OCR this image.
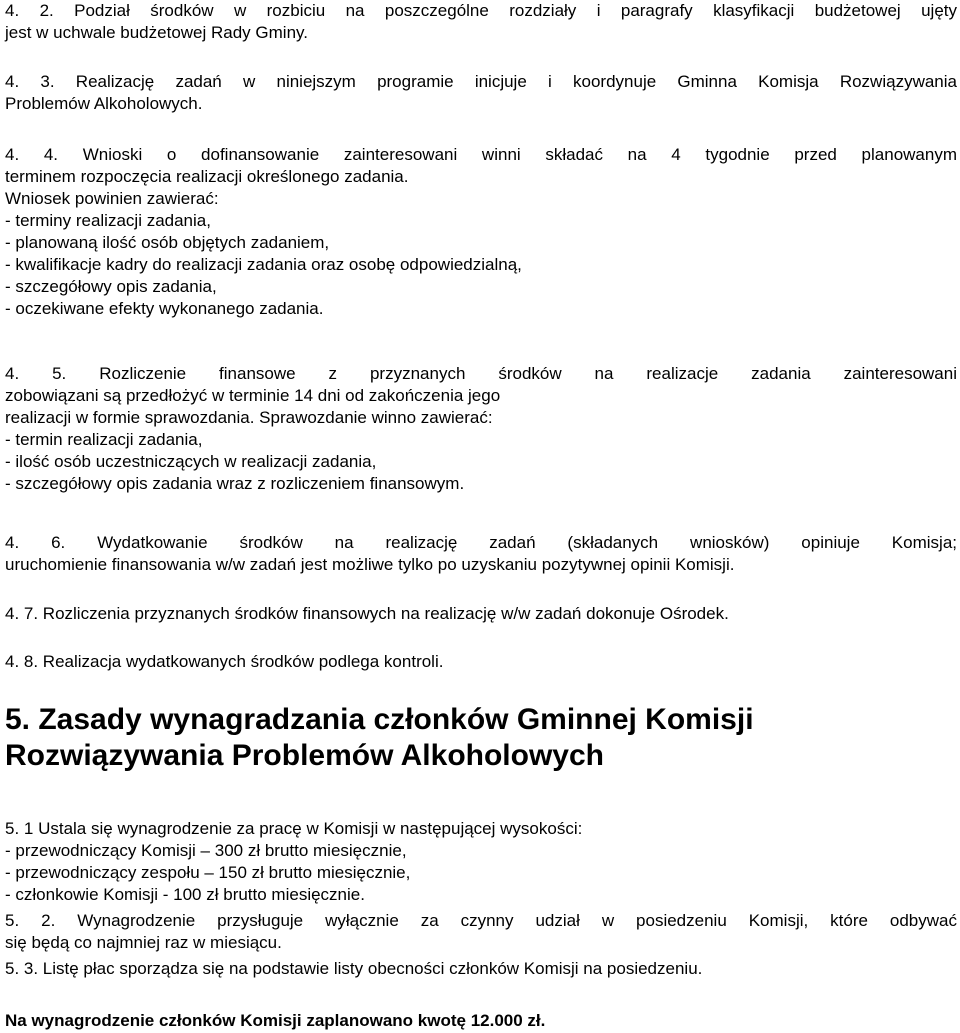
4. 2. Podział środków w rozbiciu na poszczególne rozdziały i paragrafy klasyfikacji budżetowej ujęty
jest w uchwale budżetowej Rady Gminy.
4. 3. Realizację zadań w niniejszym programie inicjuje i koordynuje Gminna Komisja Rozwiązywania
Problemów Alkoholowych.
4. 4. Wnioski o dofinansowanie zainteresowani winni składać na 4 tygodnie przed planowanym
terminem rozpoczęcia realizacji określonego zadania.
Wniosek powinien zawierać:
- terminy realizacji zadania,
- planowaną ilość osób objętych zadaniem,
- kwalifikacje kadry do realizacji zadania oraz osobę odpowiedzialną,
- szczegółowy opis zadania,
- oczekiwane efekty wykonanego zadania.
4. 5. Rozliczenie finansowe z przyznanych środków na realizacje zadania zainteresowani
zobowiązani są przedłożyć w terminie 14 dni od zakończenia jego
realizacji w formie sprawozdania. Sprawozdanie winno zawierać:
- termin realizacji zadania,
- ilość osób uczestniczących w realizacji zadania,
- szczegółowy opis zadania wraz z rozliczeniem finansowym.
4. 6. Wydatkowanie środków na realizację zadań (składanych wniosków) opiniuje Komisja;
uruchomienie finansowania w/w zadań jest możliwe tylko po uzyskaniu pozytywnej opinii Komisji.
4. 7. Rozliczenia przyznanych środków finansowych na realizację w/w zadań dokonuje Ośrodek.
4. 8. Realizacja wydatkowanych środków podlega kontroli.
5. Zasady wynagradzania członków Gminnej Komisji
Rozwiązywania Problemów Alkoholowych
5. 1 Ustala się wynagrodzenie za pracę w Komisji w następującej wysokości:
- przewodniczący Komisji – 300 zł brutto miesięcznie,
- przewodniczący zespołu – 150 zł brutto miesięcznie,
- członkowie Komisji - 100 zł brutto miesięcznie.
5. 2. Wynagrodzenie przysługuje wyłącznie za czynny udział w posiedzeniu Komisji, które odbywać
się będą co najmniej raz w miesiącu.
5. 3. Listę płac sporządza się na podstawie listy obecności członków Komisji na posiedzeniu.
Na wynagrodzenie członków Komisji zaplanowano kwotę 12.000 zł.
